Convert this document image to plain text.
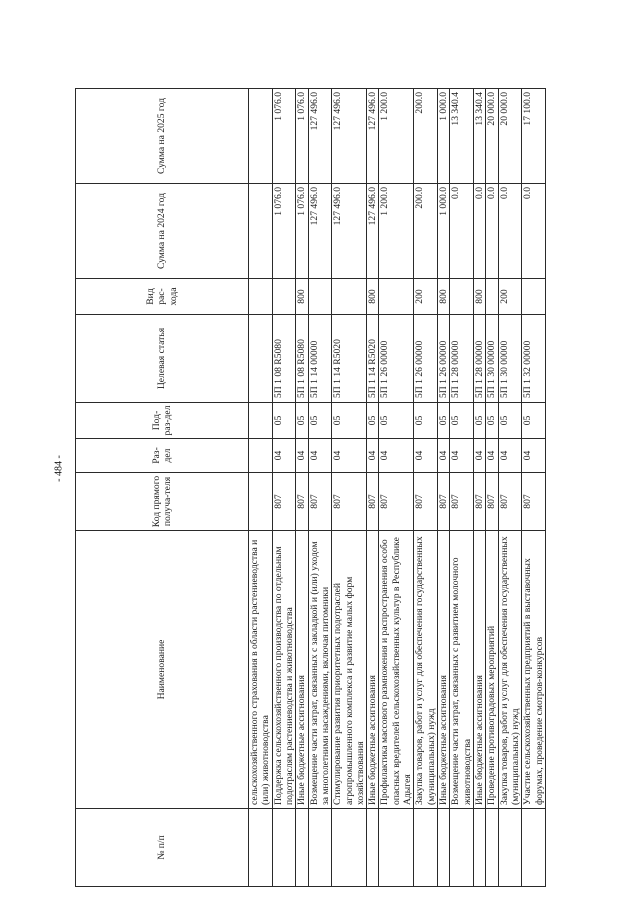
- 484 -
№ п/п	Наименование	Код прямого получа-теля	Раз-дел	Под-раз-дел	Целевая статья	Вид рас-хода	Сумма на 2024 год	Сумма на 2025 год
	сельскохозяйственного страхования в области растениеводства и (или) животноводства							
	Поддержка сельскохозяйственного производства по отдельным подотраслям растениеводства и животноводства	807	04	05	5П 1 08 R5080		1 076.0	1 076.0
	Иные бюджетные ассигнования	807	04	05	5П 1 08 R5080	800	1 076.0	1 076.0
	Возмещение части затрат, связанных с закладкой и (или) уходом за многолетними насаждениями, включая питомники	807	04	05	5П 1 14 00000		127 496.0	127 496.0
	Стимулирование развития приоритетных подотраслей агропромышленного комплекса и развитие малых форм хозяйствования	807	04	05	5П 1 14 R5020		127 496.0	127 496.0
	Иные бюджетные ассигнования	807	04	05	5П 1 14 R5020	800	127 496.0	127 496.0
	Профилактика массового размножения и распространения особо опасных вредителей сельскохозяйственных культур в Республике Адыгея	807	04	05	5П 1 26 00000		1 200.0	1 200.0
	Закупка товаров, работ и услуг для обеспечения государственных (муниципальных) нужд	807	04	05	5П 1 26 00000	200	200.0	200.0
	Иные бюджетные ассигнования	807	04	05	5П 1 26 00000	800	1 000.0	1 000.0
	Возмещение части затрат, связанных с развитием молочного животноводства	807	04	05	5П 1 28 00000		0.0	13 340.4
	Иные бюджетные ассигнования	807	04	05	5П 1 28 00000	800	0.0	13 340.4
	Проведение противоградовых мероприятий	807	04	05	5П 1 30 00000		0.0	20 000.0
	Закупка товаров, работ и услуг для обеспечения государственных (муниципальных) нужд	807	04	05	5П 1 30 00000	200	0.0	20 000.0
	Участие сельскохозяйственных предприятий в выставочных форумах, проведение смотров-конкурсов	807	04	05	5П 1 32 00000		0.0	17 100.0
